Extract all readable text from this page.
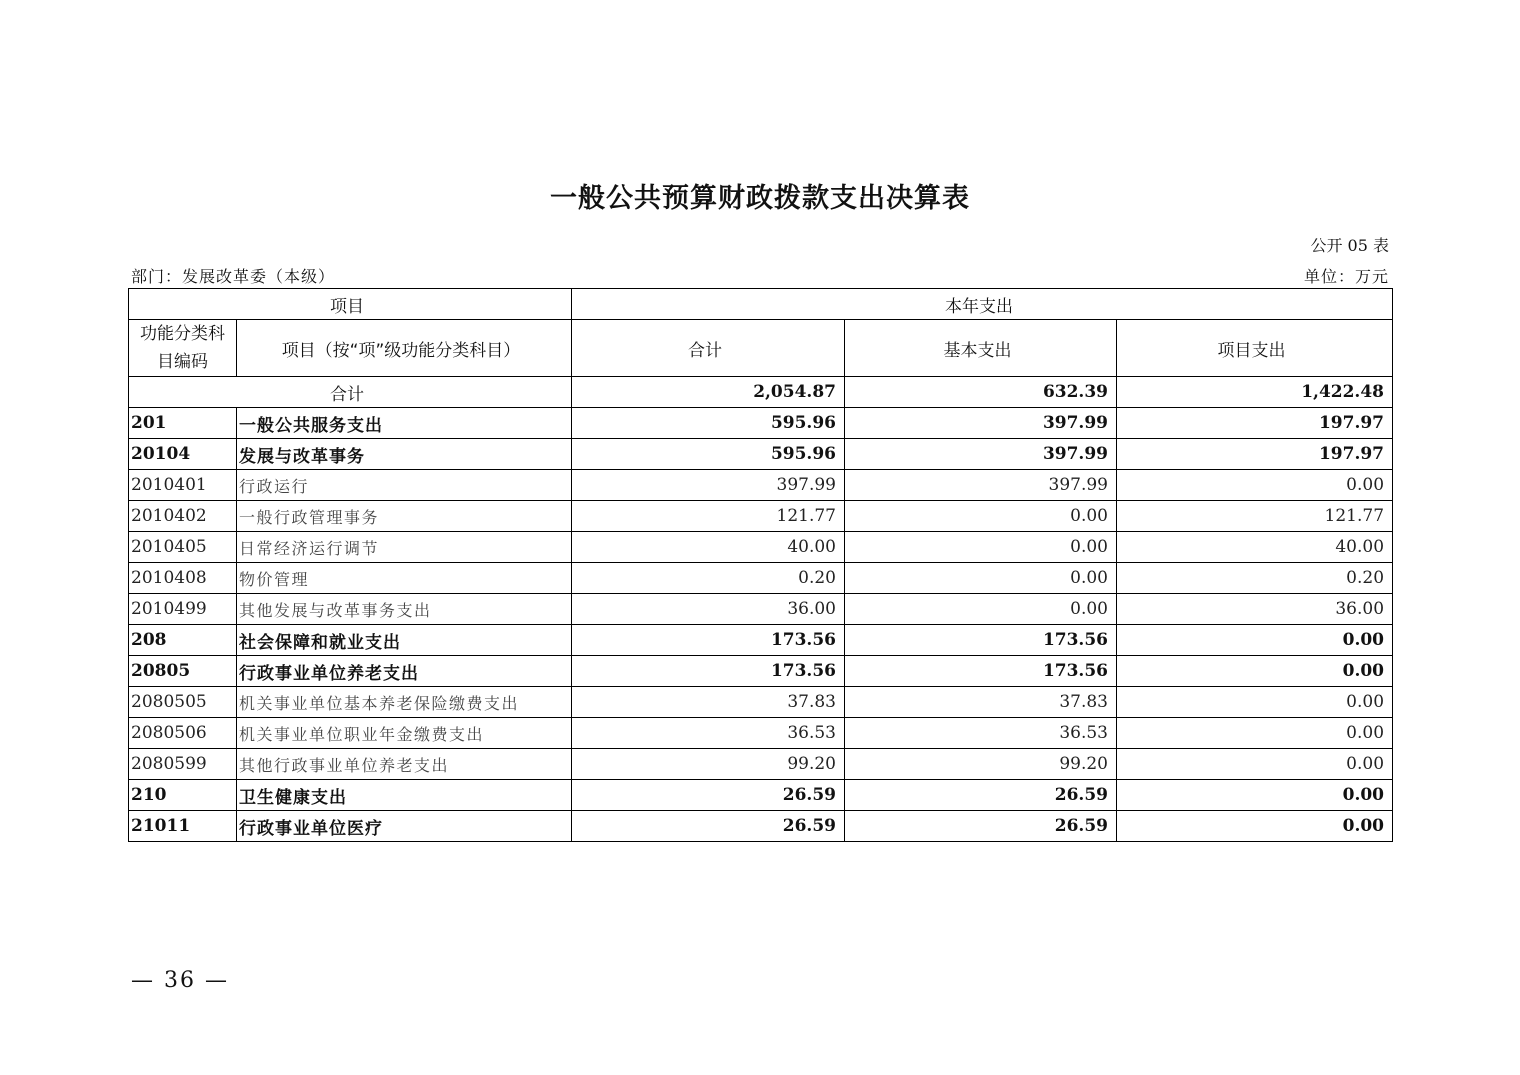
一般公共预算财政拨款支出决算表
公开 05 表
部门：发展改革委（本级）	单位：万元
项目		本年支出		
功能分类科目编码	项目（按“项”级功能分类科目）	合计	基本支出	项目支出
合计		2,054.87	632.39	1,422.48
201	一般公共服务支出	595.96	397.99	197.97
20104	发展与改革事务	595.96	397.99	197.97
2010401	行政运行	397.99	397.99	0.00
2010402	一般行政管理事务	121.77	0.00	121.77
2010405	日常经济运行调节	40.00	0.00	40.00
2010408	物价管理	0.20	0.00	0.20
2010499	其他发展与改革事务支出	36.00	0.00	36.00
208	社会保障和就业支出	173.56	173.56	0.00
20805	行政事业单位养老支出	173.56	173.56	0.00
2080505	机关事业单位基本养老保险缴费支出	37.83	37.83	0.00
2080506	机关事业单位职业年金缴费支出	36.53	36.53	0.00
2080599	其他行政事业单位养老支出	99.20	99.20	0.00
210	卫生健康支出	26.59	26.59	0.00
21011	行政事业单位医疗	26.59	26.59	0.00
— 36 —
